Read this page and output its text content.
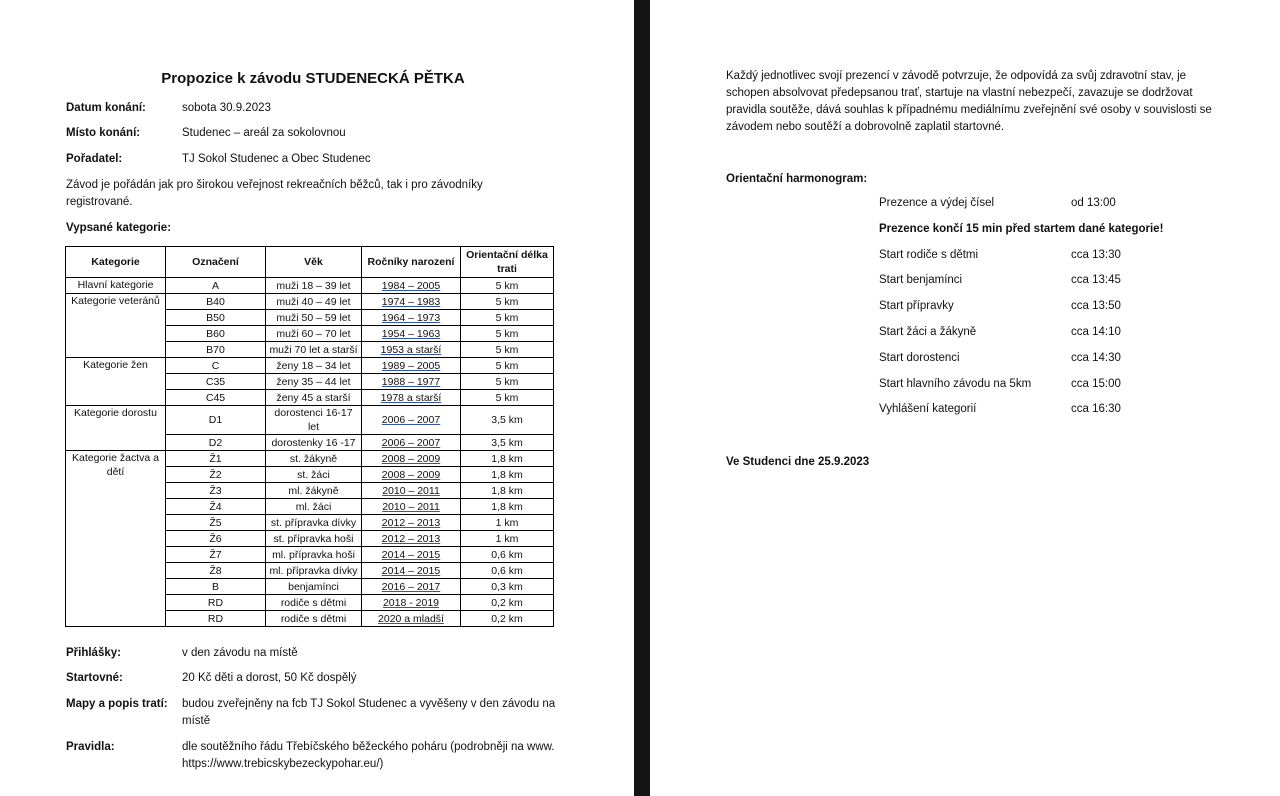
Propozice k závodu STUDENECKÁ PĚTKA
Datum konání:	sobota 30.9.2023
Místo konání:	Studenec – areál za sokolovnou
Pořadatel:	TJ Sokol Studenec a Obec Studenec
Závod je pořádán jak pro širokou veřejnost rekreačních běžců, tak i pro závodníky registrované.
Vypsané kategorie:
Kategorie	Označení	Věk	Ročníky narození	Orientační délka trati
Hlavní kategorie	A	muži 18 – 39 let	1984 – 2005	5 km
Kategorie veteránů	B40	muži 40 – 49 let	1974 – 1983	5 km
	B50	muži 50 – 59 let	1964 – 1973	5 km
	B60	muži 60 – 70 let	1954 – 1963	5 km
	B70	muži 70 let a starší	1953 a starší	5 km
Kategorie žen	C	ženy 18 – 34 let	1989 – 2005	5 km
	C35	ženy 35 – 44 let	1988 – 1977	5 km
	C45	ženy 45 a starší	1978 a starší	5 km
Kategorie dorostu	D1	dorostenci 16-17 let	2006 – 2007	3,5 km
	D2	dorostenky 16 -17	2006 – 2007	3,5 km
Kategorie žactva a dětí	Ž1	st. žákyně	2008 – 2009	1,8 km
	Ž2	st. žáci	2008 – 2009	1,8 km
	Ž3	ml. žákyně	2010 – 2011	1,8 km
	Ž4	ml. žáci	2010 – 2011	1,8 km
	Ž5	st. přípravka dívky	2012 – 2013	1 km
	Ž6	st. přípravka hoši	2012 – 2013	1 km
	Ž7	ml. přípravka hoši	2014 – 2015	0,6 km
	Ž8	ml. přípravka dívky	2014 – 2015	0,6 km
	B	benjamínci	2016 – 2017	0,3 km
	RD	rodiče s dětmi	2018 - 2019	0,2 km
	RD	rodiče s dětmi	2020 a mladší	0,2 km
Přihlášky:	v den závodu na místě
Startovné:	20 Kč děti a dorost, 50 Kč dospělý
Mapy a popis tratí: budou zveřejněny na fcb TJ Sokol Studenec a vyvěšeny v den závodu na místě
Pravidla:	dle soutěžního řádu Třebíčského běžeckého poháru (podrobněji na www. https://www.trebicskybezeckypohar.eu/)
Každý jednotlivec svojí prezencí v závodě potvrzuje, že odpovídá za svůj zdravotní stav, je schopen absolvovat předepsanou trať, startuje na vlastní nebezpečí, zavazuje se dodržovat pravidla soutěže, dává souhlas k případnému mediálnímu zveřejnění své osoby v souvislosti se závodem nebo soutěží a dobrovolně zaplatil startovné.
Orientační harmonogram:
Prezence a výdej čísel	od 13:00
Prezence končí 15 min před startem dané kategorie!
Start rodiče s dětmi	cca 13:30
Start benjamínci	cca 13:45
Start přípravky	cca 13:50
Start žáci a žákyně	cca 14:10
Start dorostenci	cca 14:30
Start hlavního závodu na 5km	cca 15:00
Vyhlášení kategorií	cca 16:30
Ve Studenci dne 25.9.2023
